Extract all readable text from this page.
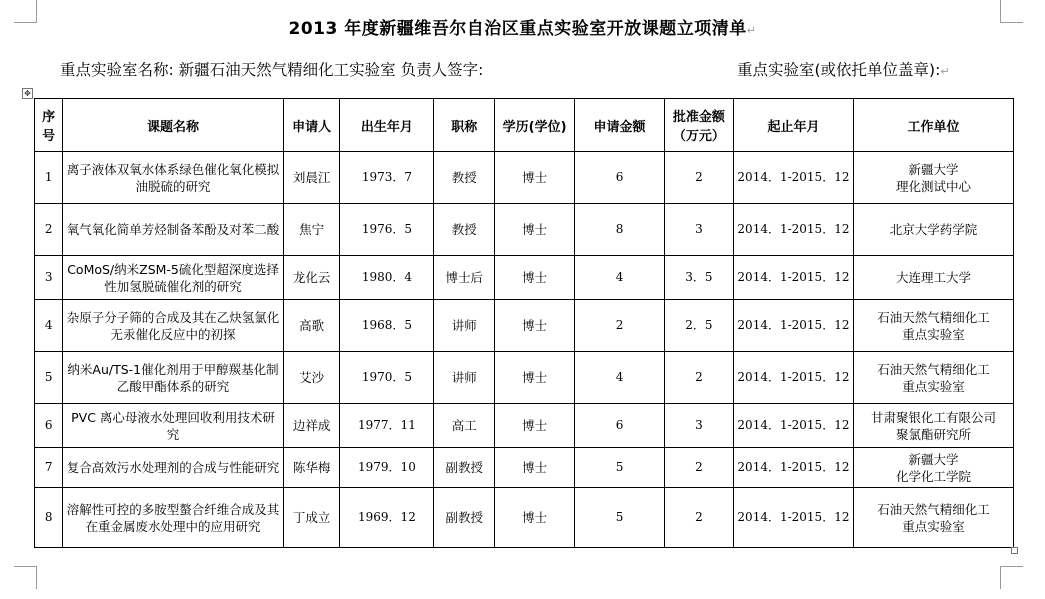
2013 年度新疆维吾尔自治区重点实验室开放课题立项清单↵
重点实验室名称: 新疆石油天然气精细化工实验室 负责人签字:	重点实验室(或依托单位盖章):↵
✥
序号	课题名称	申请人	出生年月	职称	学历(学位)	申请金额	批准金额（万元）	起止年月	工作单位
1	离子液体双氧水体系绿色催化氧化模拟油脱硫的研究	刘晨江	1973．7	教授	博士	6	2	2014．1-2015．12	新疆大学
理化测试中心
2	氧气氧化简单芳烃制备苯酚及对苯二酸	焦宁	1976．5	教授	博士	8	3	2014．1-2015．12	北京大学药学院
3	CoMoS/纳米ZSM-5硫化型超深度选择性加氢脱硫催化剂的研究	龙化云	1980．4	博士后	博士	4	3．5	2014．1-2015．12	大连理工大学
4	杂原子分子筛的合成及其在乙炔氢氯化无汞催化反应中的初探	高歌	1968．5	讲师	博士	2	2．5	2014．1-2015．12	石油天然气精细化工
重点实验室
5	纳米Au/TS-1催化剂用于甲醇羰基化制乙酸甲酯体系的研究	艾沙	1970．5	讲师	博士	4	2	2014．1-2015．12	石油天然气精细化工
重点实验室
6	PVC 离心母液水处理回收利用技术研究	边祥成	1977．11	高工	博士	6	3	2014．1-2015．12	甘肃聚银化工有限公司
聚氯酯研究所
7	复合高效污水处理剂的合成与性能研究	陈华梅	1979．10	副教授	博士	5	2	2014．1-2015．12	新疆大学
化学化工学院
8	溶解性可控的多胺型螯合纤维合成及其在重金属废水处理中的应用研究	丁成立	1969．12	副教授	博士	5	2	2014．1-2015．12	石油天然气精细化工
重点实验室
